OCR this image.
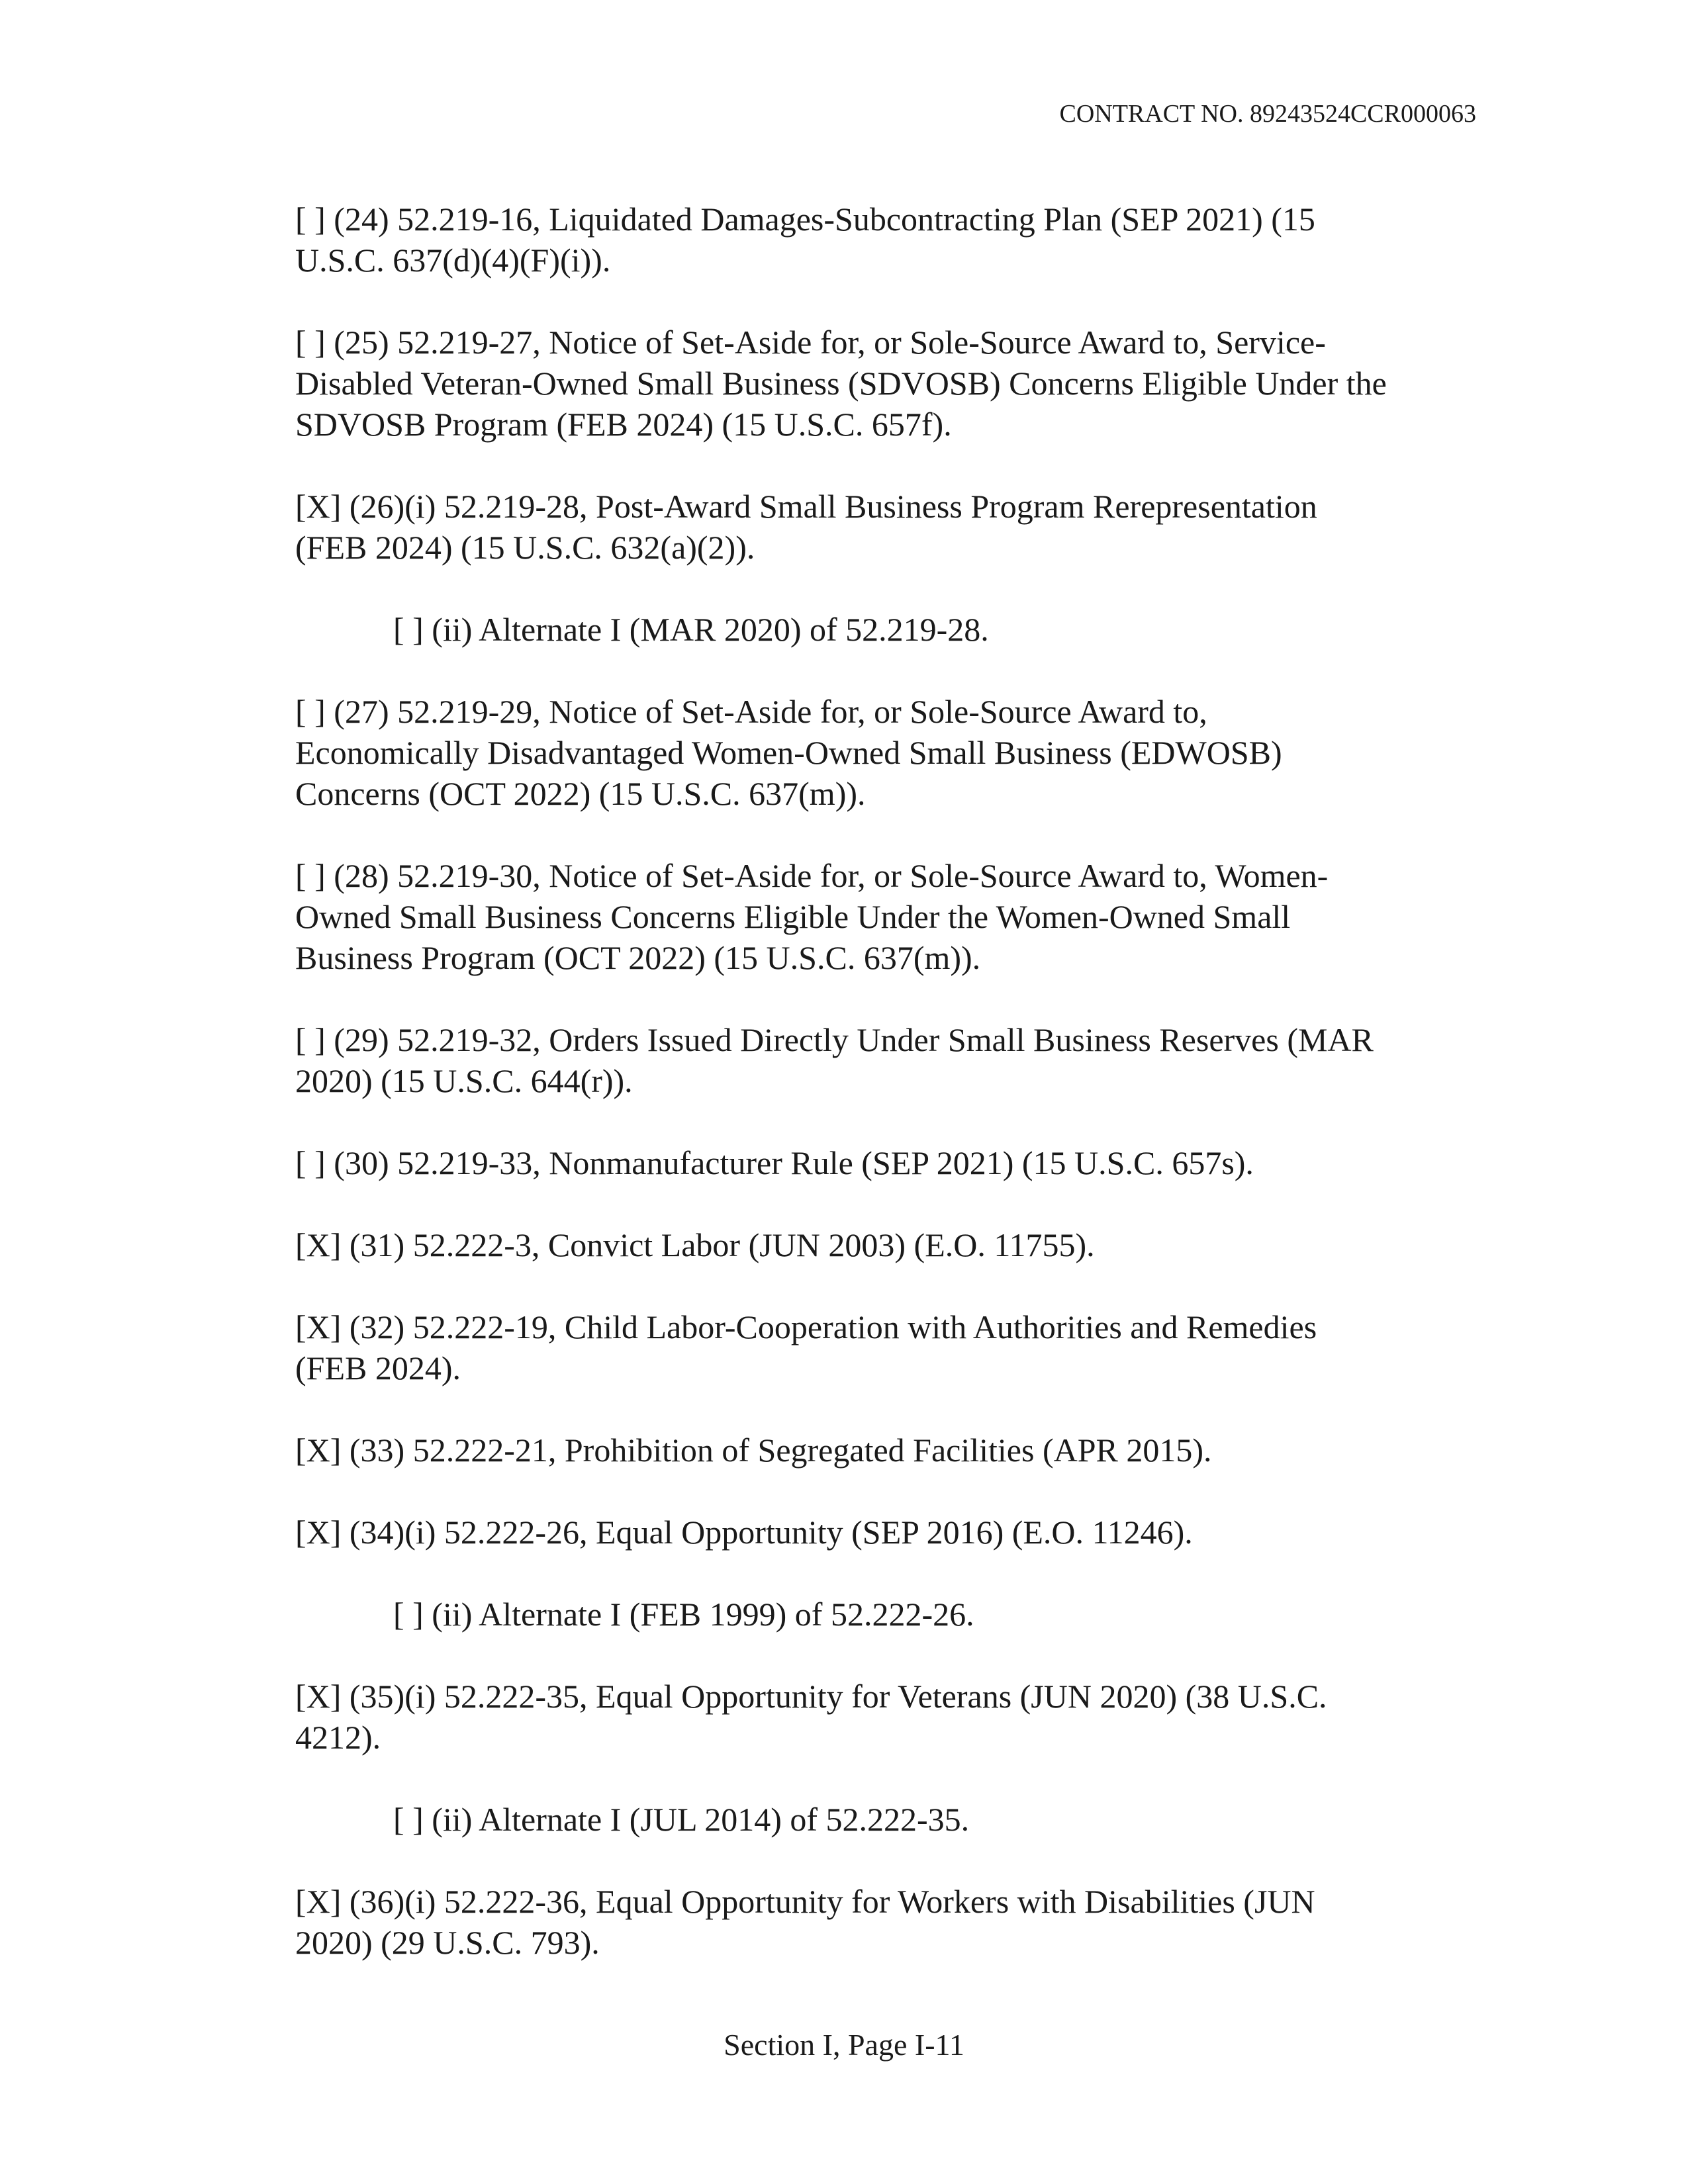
CONTRACT NO. 89243524CCR000063
[ ] (24) 52.219-16, Liquidated Damages-Subcontracting Plan (SEP 2021) (15
U.S.C. 637(d)(4)(F)(i)).
[ ] (25) 52.219-27, Notice of Set-Aside for, or Sole-Source Award to, Service-
Disabled Veteran-Owned Small Business (SDVOSB) Concerns Eligible Under the
SDVOSB Program (FEB 2024) (15 U.S.C. 657f).
[X] (26)(i) 52.219-28, Post-Award Small Business Program Rerepresentation
(FEB 2024) (15 U.S.C. 632(a)(2)).
[ ] (ii) Alternate I (MAR 2020) of 52.219-28.
[ ] (27) 52.219-29, Notice of Set-Aside for, or Sole-Source Award to,
Economically Disadvantaged Women-Owned Small Business (EDWOSB)
Concerns (OCT 2022) (15 U.S.C. 637(m)).
[ ] (28) 52.219-30, Notice of Set-Aside for, or Sole-Source Award to, Women-
Owned Small Business Concerns Eligible Under the Women-Owned Small
Business Program (OCT 2022) (15 U.S.C. 637(m)).
[ ] (29) 52.219-32, Orders Issued Directly Under Small Business Reserves (MAR
2020) (15 U.S.C. 644(r)).
[ ] (30) 52.219-33, Nonmanufacturer Rule (SEP 2021) (15 U.S.C. 657s).
[X] (31) 52.222-3, Convict Labor (JUN 2003) (E.O. 11755).
[X] (32) 52.222-19, Child Labor-Cooperation with Authorities and Remedies
(FEB 2024).
[X] (33) 52.222-21, Prohibition of Segregated Facilities (APR 2015).
[X] (34)(i) 52.222-26, Equal Opportunity (SEP 2016) (E.O. 11246).
[ ] (ii) Alternate I (FEB 1999) of 52.222-26.
[X] (35)(i) 52.222-35, Equal Opportunity for Veterans (JUN 2020) (38 U.S.C.
4212).
[ ] (ii) Alternate I (JUL 2014) of 52.222-35.
[X] (36)(i) 52.222-36, Equal Opportunity for Workers with Disabilities (JUN
2020) (29 U.S.C. 793).
Section I, Page I-11
